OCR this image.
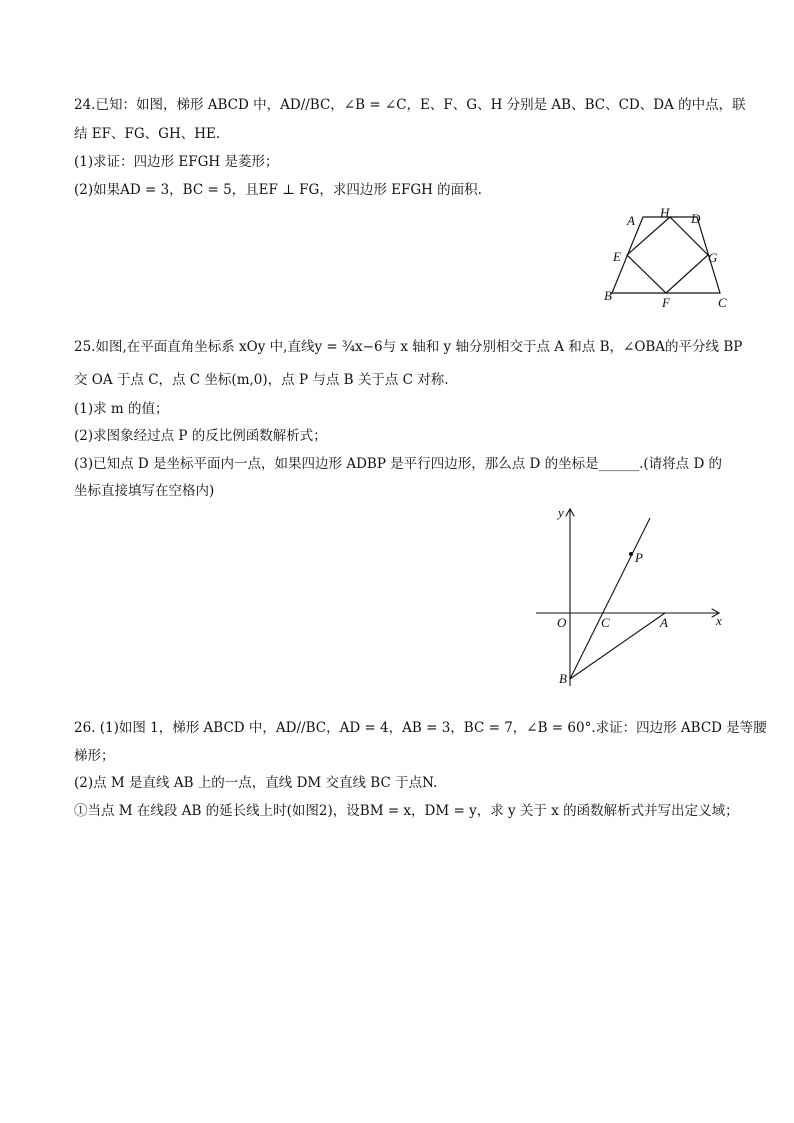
24.已知：如图，梯形 ABCD 中，AD//BC，∠B = ∠C，E、F、G、H 分别是 AB、BC、CD、DA 的中点，联
结 EF、FG、GH、HE.
(1)求证：四边形 EFGH 是菱形；
(2)如果AD = 3，BC = 5，且EF ⊥ FG，求四边形 EFGH 的面积.
A
H D
E	G
B	F	C
25.如图,在平面直角坐标系 xOy 中,直线y = ¾x−6与 x 轴和 y 轴分别相交于点 A 和点 B，∠OBA的平分线 BP
交 OA 于点 C，点 C 坐标(m,0)，点 P 与点 B 关于点 C 对称.
(1)求 m 的值；
(2)求图象经过点 P 的反比例函数解析式；
(3)已知点 D 是坐标平面内一点，如果四边形 ADBP 是平行四边形，那么点 D 的坐标是______.(请将点 D 的
坐标直接填写在空格内)
y
x
O	C	A
B
P
26. (1)如图 1，梯形 ABCD 中，AD//BC，AD = 4，AB = 3，BC = 7，∠B = 60°.求证：四边形 ABCD 是等腰
梯形；
(2)点 M 是直线 AB 上的一点，直线 DM 交直线 BC 于点N.
①当点 M 在线段 AB 的延长线上时(如图2)，设BM = x，DM = y，求 y 关于 x 的函数解析式并写出定义域；
